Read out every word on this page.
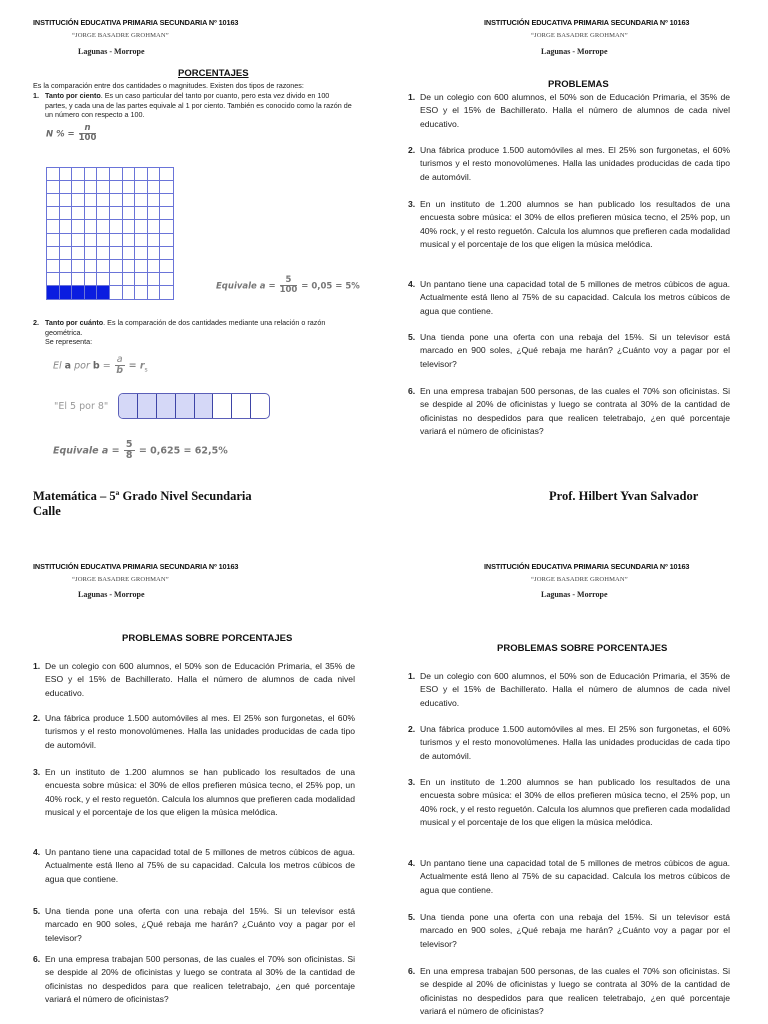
INSTITUCIÓN EDUCATIVA PRIMARIA SECUNDARIA Nº 10163
“JORGE BASADRE GROHMAN”
Lagunas - Morrope
PORCENTAJES
Es la comparación entre dos cantidades o magnitudes. Existen dos tipos de razones:
1. Tanto por ciento. Es un caso particular del tanto por cuanto, pero esta vez divido en 100 partes, y cada una de las partes equivale al 1 por ciento. También es conocido como la razón de un número con respecto a 100.
N % = $\frac{n}{100}$
Equivale $a = \frac{5}{100} = 0,05 = 5\%$
2. Tanto por cuánto. Es la comparación de dos cantidades mediante una relación o razón geométrica.
Se representa:
El a por $b = \frac{a}{b} = r_s$
"El 5 por 8"
Equivale $a = \frac{5}{8} = 0,625 = 62,5\%$
INSTITUCIÓN EDUCATIVA PRIMARIA SECUNDARIA Nº 10163
“JORGE BASADRE GROHMAN”
Lagunas - Morrope
PROBLEMAS
1. De un colegio con 600 alumnos, el 50% son de Educación Primaria, el 35% de ESO y el 15% de Bachillerato. Halla el número de alumnos de cada nivel educativo.
2. Una fábrica produce 1.500 automóviles al mes. El 25% son furgonetas, el 60% turismos y el resto monovolúmenes. Halla las unidades producidas de cada tipo de automóvil.
3. En un instituto de 1.200 alumnos se han publicado los resultados de una encuesta sobre música: el 30% de ellos prefieren música tecno, el 25% pop, un 40% rock, y el resto reguetón. Calcula los alumnos que prefieren cada modalidad musical y el porcentaje de los que eligen la música melódica.
4. Un pantano tiene una capacidad total de 5 millones de metros cúbicos de agua. Actualmente está lleno al 75% de su capacidad. Calcula los metros cúbicos de agua que contiene.
5. Una tienda pone una oferta con una rebaja del 15%. Si un televisor está marcado en 900 soles, ¿Qué rebaja me harán? ¿Cuánto voy a pagar por el televisor?
6. En una empresa trabajan 500 personas, de las cuales el 70% son oficinistas. Si se despide al 20% de oficinistas y luego se contrata al 30% de la cantidad de oficinistas no despedidos para que realicen teletrabajo, ¿en qué porcentaje variará el número de oficinistas?
Matemática – 5ª Grado Nivel Secundaria
Calle
Prof. Hilbert Yvan Salvador
INSTITUCIÓN EDUCATIVA PRIMARIA SECUNDARIA Nº 10163
“JORGE BASADRE GROHMAN”
Lagunas - Morrope
PROBLEMAS SOBRE PORCENTAJES
1. De un colegio con 600 alumnos, el 50% son de Educación Primaria, el 35% de ESO y el 15% de Bachillerato. Halla el número de alumnos de cada nivel educativo.
2. Una fábrica produce 1.500 automóviles al mes. El 25% son furgonetas, el 60% turismos y el resto monovolúmenes. Halla las unidades producidas de cada tipo de automóvil.
3. En un instituto de 1.200 alumnos se han publicado los resultados de una encuesta sobre música: el 30% de ellos prefieren música tecno, el 25% pop, un 40% rock, y el resto reguetón. Calcula los alumnos que prefieren cada modalidad musical y el porcentaje de los que eligen la música melódica.
4. Un pantano tiene una capacidad total de 5 millones de metros cúbicos de agua. Actualmente está lleno al 75% de su capacidad. Calcula los metros cúbicos de agua que contiene.
5. Una tienda pone una oferta con una rebaja del 15%. Si un televisor está marcado en 900 soles, ¿Qué rebaja me harán? ¿Cuánto voy a pagar por el televisor?
6. En una empresa trabajan 500 personas, de las cuales el 70% son oficinistas. Si se despide al 20% de oficinistas y luego se contrata al 30% de la cantidad de oficinistas no despedidos para que realicen teletrabajo, ¿en qué porcentaje variará el número de oficinistas?
INSTITUCIÓN EDUCATIVA PRIMARIA SECUNDARIA Nº 10163
“JORGE BASADRE GROHMAN”
Lagunas - Morrope
PROBLEMAS SOBRE PORCENTAJES
1. De un colegio con 600 alumnos, el 50% son de Educación Primaria, el 35% de ESO y el 15% de Bachillerato. Halla el número de alumnos de cada nivel educativo.
2. Una fábrica produce 1.500 automóviles al mes. El 25% son furgonetas, el 60% turismos y el resto monovolúmenes. Halla las unidades producidas de cada tipo de automóvil.
3. En un instituto de 1.200 alumnos se han publicado los resultados de una encuesta sobre música: el 30% de ellos prefieren música tecno, el 25% pop, un 40% rock, y el resto reguetón. Calcula los alumnos que prefieren cada modalidad musical y el porcentaje de los que eligen la música melódica.
4. Un pantano tiene una capacidad total de 5 millones de metros cúbicos de agua. Actualmente está lleno al 75% de su capacidad. Calcula los metros cúbicos de agua que contiene.
5. Una tienda pone una oferta con una rebaja del 15%. Si un televisor está marcado en 900 soles, ¿Qué rebaja me harán? ¿Cuánto voy a pagar por el televisor?
6. En una empresa trabajan 500 personas, de las cuales el 70% son oficinistas. Si se despide al 20% de oficinistas y luego se contrata al 30% de la cantidad de oficinistas no despedidos para que realicen teletrabajo, ¿en qué porcentaje variará el número de oficinistas?
